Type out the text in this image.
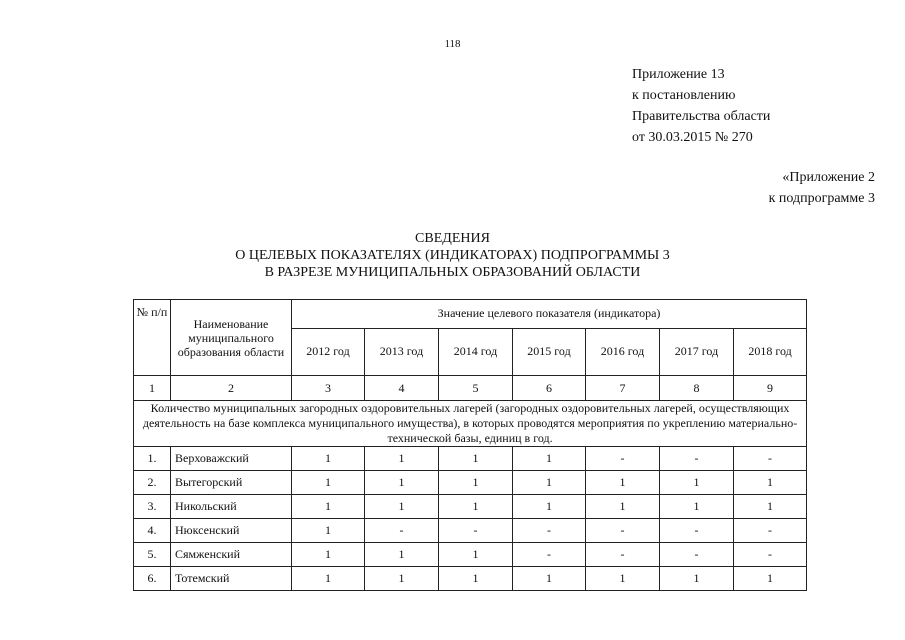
118
Приложение 13
к постановлению
Правительства области
от 30.03.2015 № 270
«Приложение 2
к подпрограмме 3
СВЕДЕНИЯ
О ЦЕЛЕВЫХ ПОКАЗАТЕЛЯХ (ИНДИКАТОРАХ) ПОДПРОГРАММЫ 3
В РАЗРЕЗЕ МУНИЦИПАЛЬНЫХ ОБРАЗОВАНИЙ ОБЛАСТИ
№ п/п	Наименование муниципального образования области	Значение целевого показателя (индикатора)						
		2012 год	2013 год	2014 год	2015 год	2016 год	2017 год	2018 год
1	2	3	4	5	6	7	8	9
Количество муниципальных загородных оздоровительных лагерей (загородных оздоровительных лагерей, осуществляющих деятельность на базе комплекса муниципального имущества), в которых проводятся мероприятия по укреплению материально-технической базы, единиц в год.								
1.	Верховажский	1	1	1	1	-	-	-
2.	Вытегорский	1	1	1	1	1	1	1
3.	Никольский	1	1	1	1	1	1	1
4.	Нюксенский	1	-	-	-	-	-	-
5.	Сямженский	1	1	1	-	-	-	-
6.	Тотемский	1	1	1	1	1	1	1
